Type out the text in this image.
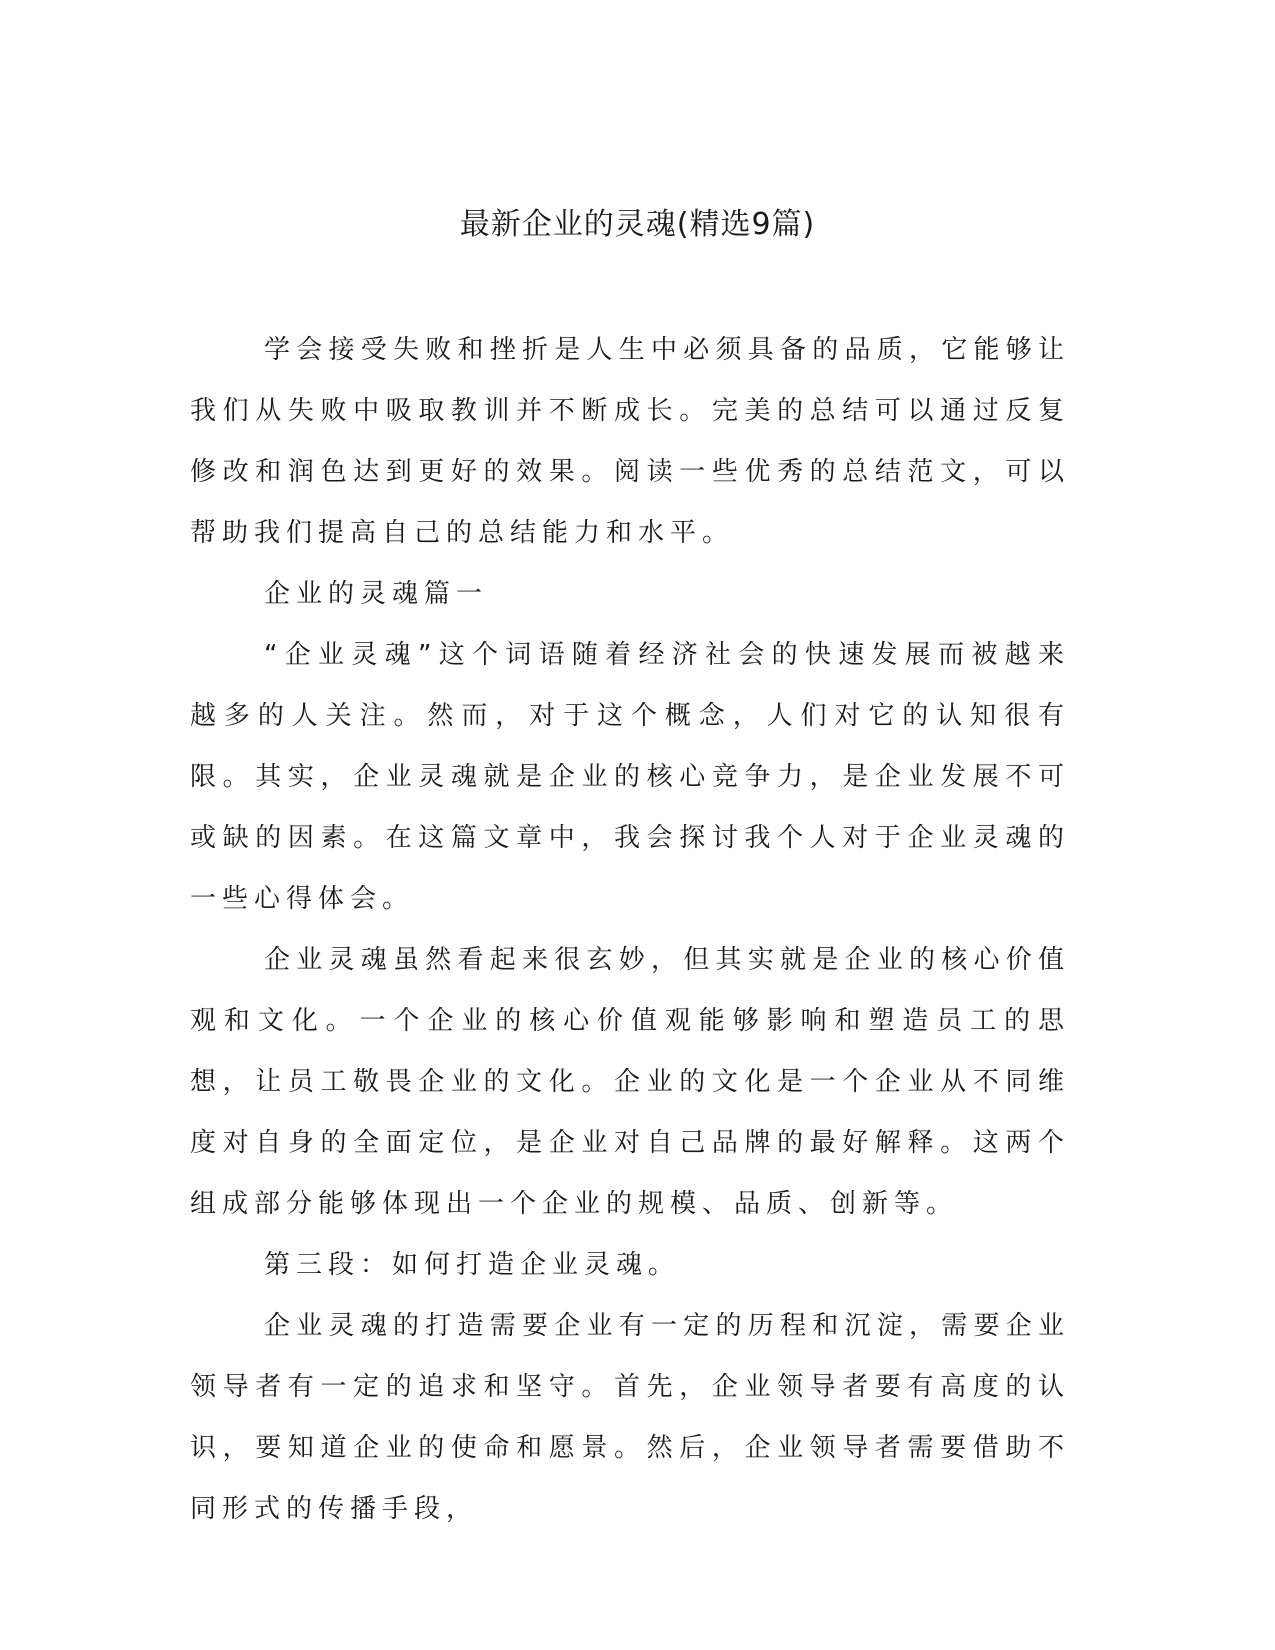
最新企业的灵魂(精选9篇)

学会接受失败和挫折是人生中必须具备的品质，它能够让我们从失败中吸取教训并不断成长。完美的总结可以通过反复修改和润色达到更好的效果。阅读一些优秀的总结范文，可以帮助我们提高自己的总结能力和水平。

企业的灵魂篇一

“企业灵魂”这个词语随着经济社会的快速发展而被越来越多的人关注。然而，对于这个概念，人们对它的认知很有限。其实，企业灵魂就是企业的核心竞争力，是企业发展不可或缺的因素。在这篇文章中，我会探讨我个人对于企业灵魂的一些心得体会。

企业灵魂虽然看起来很玄妙，但其实就是企业的核心价值观和文化。一个企业的核心价值观能够影响和塑造员工的思想，让员工敬畏企业的文化。企业的文化是一个企业从不同维度对自身的全面定位，是企业对自己品牌的最好解释。这两个组成部分能够体现出一个企业的规模、品质、创新等。

第三段：如何打造企业灵魂。

企业灵魂的打造需要企业有一定的历程和沉淀，需要企业领导者有一定的追求和坚守。首先，企业领导者要有高度的认识，要知道企业的使命和愿景。然后，企业领导者需要借助不同形式的传播手段，
